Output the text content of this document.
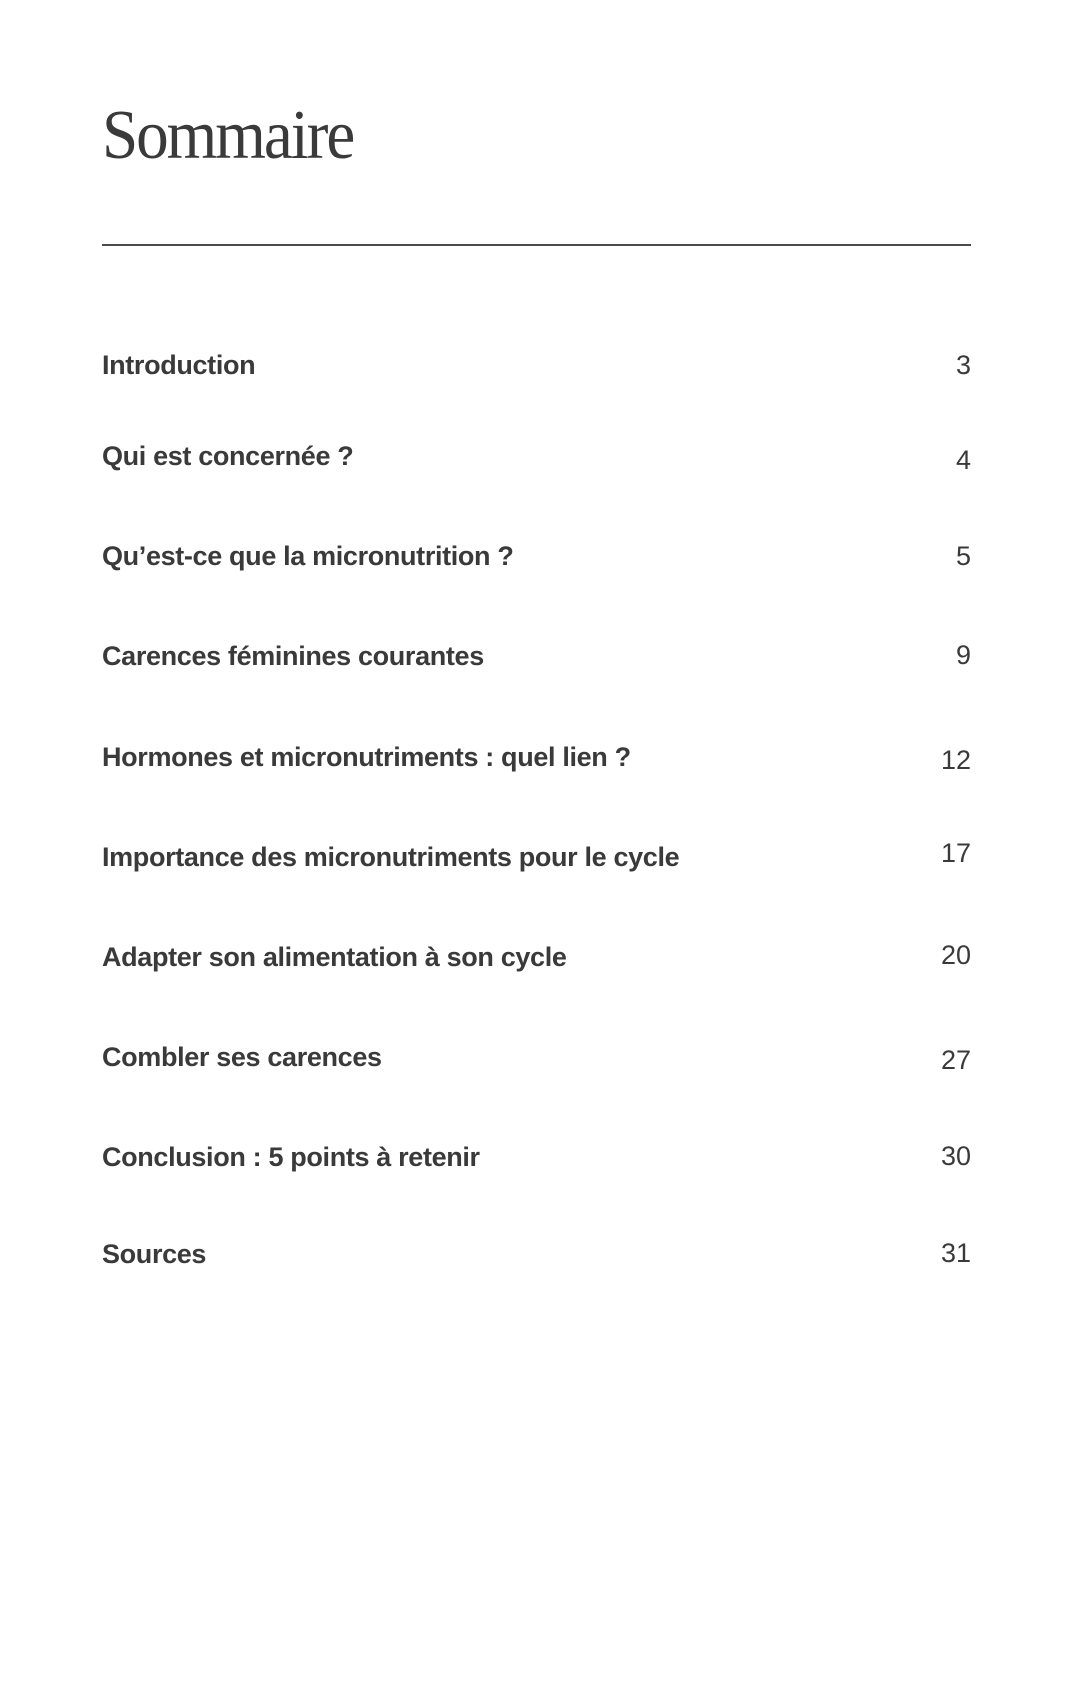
Sommaire
Introduction	3
Qui est concernée ?	4
Qu’est-ce que la micronutrition ?	5
Carences féminines courantes	9
Hormones et micronutriments : quel lien ?	12
Importance des micronutriments pour le cycle	17
Adapter son alimentation à son cycle	20
Combler ses carences	27
Conclusion : 5 points à retenir	30
Sources	31
